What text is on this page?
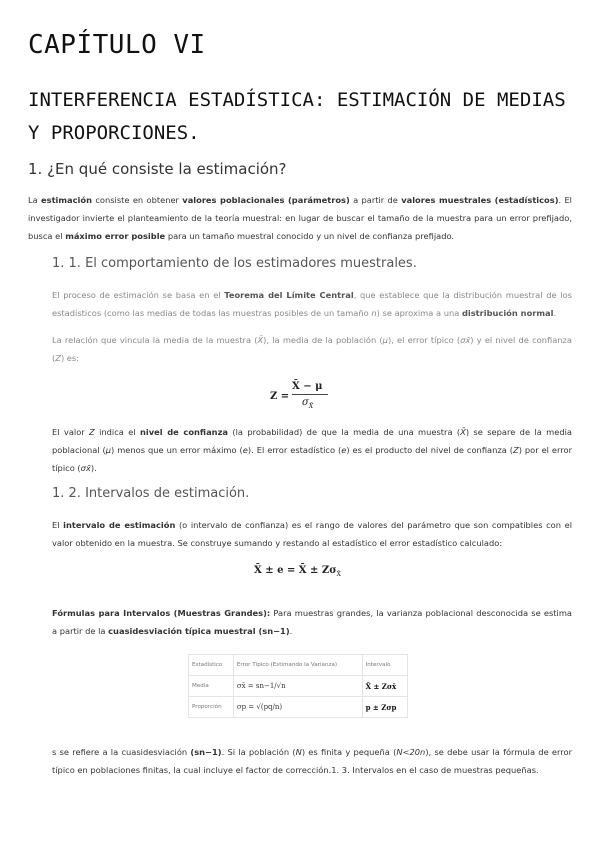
CAPÍTULO VI
INTERFERENCIA ESTADÍSTICA: ESTIMACIÓN DE MEDIAS Y PROPORCIONES.
1. ¿En qué consiste la estimación?
La estimación consiste en obtener valores poblacionales (parámetros) a partir de valores muestrales (estadísticos). El investigador invierte el planteamiento de la teoría muestral: en lugar de buscar el tamaño de la muestra para un error prefijado, busca el máximo error posible para un tamaño muestral conocido y un nivel de confianza prefijado.
1. 1. El comportamiento de los estimadores muestrales.
El proceso de estimación se basa en el Teorema del Límite Central, que establece que la distribución muestral de los estadísticos (como las medias de todas las muestras posibles de un tamaño n) se aproxima a una distribución normal.
La relación que vincula la media de la muestra (X̄), la media de la población (μ), el error típico (σx̄) y el nivel de confianza (Z) es:
Z =
X̄ − μ
$\sigma_{X̄}$
El valor Z indica el nivel de confianza (la probabilidad) de que la media de una muestra (X̄) se separe de la media poblacional (μ) menos que un error máximo (e). El error estadístico (e) es el producto del nivel de confianza (Z) por el error típico (σx̄).
1. 2. Intervalos de estimación.
El intervalo de estimación (o intervalo de confianza) es el rango de valores del parámetro que son compatibles con el valor obtenido en la muestra. Se construye sumando y restando al estadístico el error estadístico calculado:
X̄ ± e = X̄ ± $Z\sigma_{X̄}$
Fórmulas para Intervalos (Muestras Grandes): Para muestras grandes, la varianza poblacional desconocida se estima a partir de la cuasidesviación típica muestral (sn−1).
Estadístico	Error Típico (Estimando la Varianza)	Intervalo
Media	σx̄ = sn−1/√n	X̄ ± Zσx̄
Proporción	σp = √(pq/n)	p ± Zσp
s se refiere a la cuasidesviación (sn−1). Si la población (N) es finita y pequeña (N<20n), se debe usar la fórmula de error típico en poblaciones finitas, la cual incluye el factor de corrección.1. 3. Intervalos en el caso de muestras pequeñas.
